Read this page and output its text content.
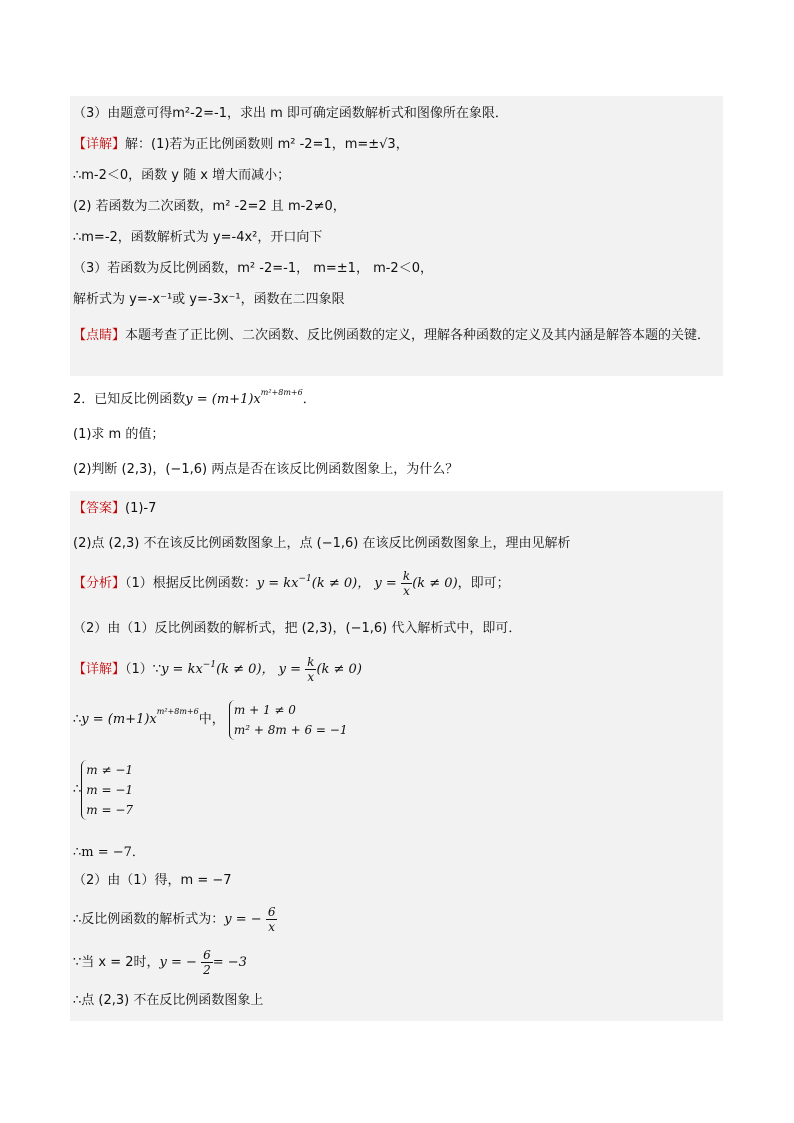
（3）由题意可得m²-2=-1，求出 m 即可确定函数解析式和图像所在象限．
【详解】解：(1)若为正比例函数则 m² -2=1，m=±√3，
∴m-2＜0，函数 y 随 x 增大而减小；
(2) 若函数为二次函数，m² -2=2 且 m-2≠0，
∴m=-2，函数解析式为 y=-4x²，开口向下
（3）若函数为反比例函数，m² -2=-1， m=±1， m-2＜0，
解析式为 y=-x⁻¹或 y=-3x⁻¹，函数在二四象限
【点睛】本题考查了正比例、二次函数、反比例函数的定义，理解各种函数的定义及其内涵是解答本题的关键．
2．已知反比例函数$y = (m+1)x^{m^2+8m+6}$．
(1)求 m 的值；
(2)判断 (2,3)，(−1,6) 两点是否在该反比例函数图象上，为什么？
【答案】(1)-7
(2)点 (2,3) 不在该反比例函数图象上，点 (−1,6) 在该反比例函数图象上，理由见解析
【分析】（1）根据反比例函数：$y = kx^{-1}(k \ne 0)$， $y = \frac{k}{x} (k \ne 0)$，即可；
（2）由（1）反比例函数的解析式，把 (2,3)，(−1,6) 代入解析式中，即可．
【详解】（1）∵y = $kx^{-1}(k \ne 0)$， $y = \frac{k}{x} (k \ne 0)$
∴y = $(m+1)x^{m^2+8m+6}$中，
m + 1 ≠ 0
m² + 8m + 6 = −1
∴
m ≠ −1
m = −1
m = −7
∴m = −7．
（2）由（1）得，m = −7
∴反比例函数的解析式为：y = − $\frac{6}{x}$
∵当 x = 2时，y = − $\frac{6}{2} = -3$
∴点 (2,3) 不在反比例函数图象上
